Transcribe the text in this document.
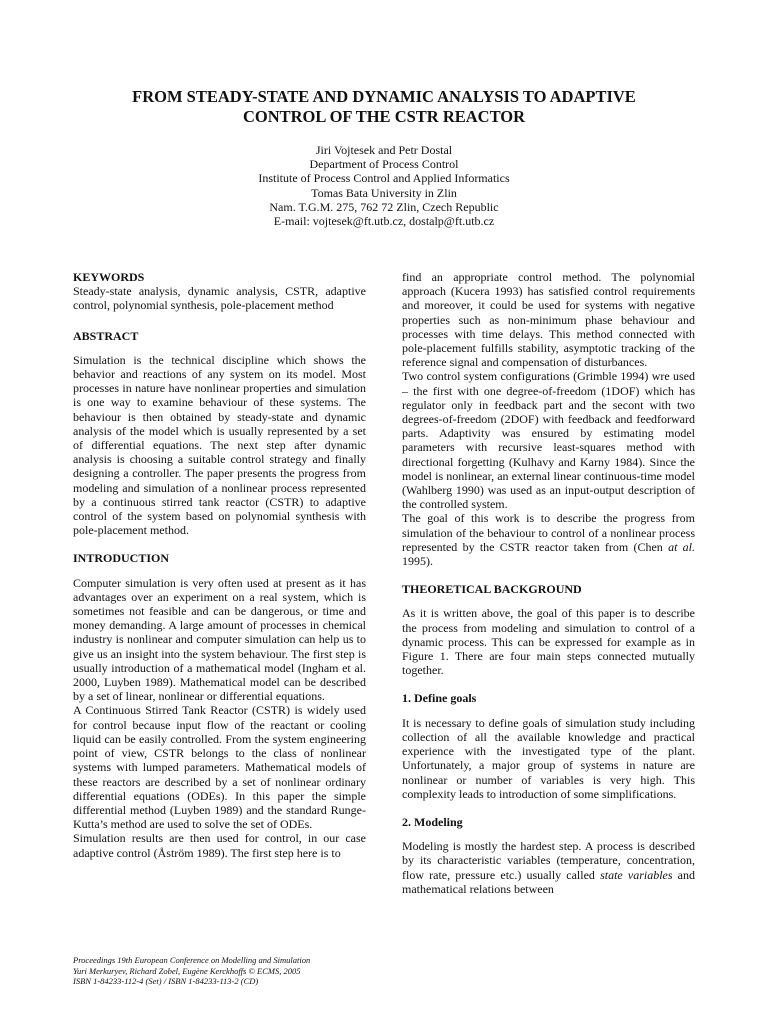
FROM STEADY-STATE AND DYNAMIC ANALYSIS TO ADAPTIVE
CONTROL OF THE CSTR REACTOR
Jiri Vojtesek and Petr Dostal
Department of Process Control
Institute of Process Control and Applied Informatics
Tomas Bata University in Zlin
Nam. T.G.M. 275, 762 72 Zlin, Czech Republic
E-mail: vojtesek@ft.utb.cz, dostalp@ft.utb.cz
KEYWORDS

Steady-state analysis, dynamic analysis, CSTR, adaptive control, polynomial synthesis, pole-placement method

ABSTRACT

Simulation is the technical discipline which shows the behavior and reactions of any system on its model. Most processes in nature have nonlinear properties and simulation is one way to examine behaviour of these systems. The behaviour is then obtained by steady-state and dynamic analysis of the model which is usually represented by a set of differential equations. The next step after dynamic analysis is choosing a suitable control strategy and finally designing a controller. The paper presents the progress from modeling and simulation of a nonlinear process represented by a continuous stirred tank reactor (CSTR) to adaptive control of the system based on polynomial synthesis with pole-placement method.

INTRODUCTION

Computer simulation is very often used at present as it has advantages over an experiment on a real system, which is sometimes not feasible and can be dangerous, or time and money demanding. A large amount of processes in chemical industry is nonlinear and computer simulation can help us to give us an insight into the system behaviour. The first step is usually introduction of a mathematical model (Ingham et al. 2000, Luyben 1989). Mathematical model can be described by a set of linear, nonlinear or differential equations.

A Continuous Stirred Tank Reactor (CSTR) is widely used for control because input flow of the reactant or cooling liquid can be easily controlled. From the system engineering point of view, CSTR belongs to the class of nonlinear systems with lumped parameters. Mathematical models of these reactors are described by a set of nonlinear ordinary differential equations (ODEs). In this paper the simple differential method (Luyben 1989) and the standard Runge-Kutta’s method are used to solve the set of ODEs.

Simulation results are then used for control, in our case adaptive control (Åström 1989). The first step here is to

find an appropriate control method. The polynomial approach (Kucera 1993) has satisfied control requirements and moreover, it could be used for systems with negative properties such as non-minimum phase behaviour and processes with time delays. This method connected with pole-placement fulfills stability, asymptotic tracking of the reference signal and compensation of disturbances.

Two control system configurations (Grimble 1994) wre used – the first with one degree-of-freedom (1DOF) which has regulator only in feedback part and the secont with two degrees-of-freedom (2DOF) with feedback and feedforward parts. Adaptivity was ensured by estimating model parameters with recursive least-squares method with directional forgetting (Kulhavy and Karny 1984). Since the model is nonlinear, an external linear continuous-time model (Wahlberg 1990) was used as an input-output description of the controlled system.

The goal of this work is to describe the progress from simulation of the behaviour to control of a nonlinear process represented by the CSTR reactor taken from (Chen at al. 1995).

THEORETICAL BACKGROUND

As it is written above, the goal of this paper is to describe the process from modeling and simulation to control of a dynamic process. This can be expressed for example as in Figure 1. There are four main steps connected mutually together.

1. Define goals

It is necessary to define goals of simulation study including collection of all the available knowledge and practical experience with the investigated type of the plant. Unfortunately, a major group of systems in nature are nonlinear or number of variables is very high. This complexity leads to introduction of some simplifications.

2. Modeling

Modeling is mostly the hardest step. A process is described by its characteristic variables (temperature, concentration, flow rate, pressure etc.) usually called state variables and mathematical relations between

Proceedings 19th European Conference on Modelling and Simulation
Yuri Merkuryev, Richard Zobel, Eugène Kerckhoffs © ECMS, 2005
ISBN 1-84233-112-4 (Set) / ISBN 1-84233-113-2 (CD)
